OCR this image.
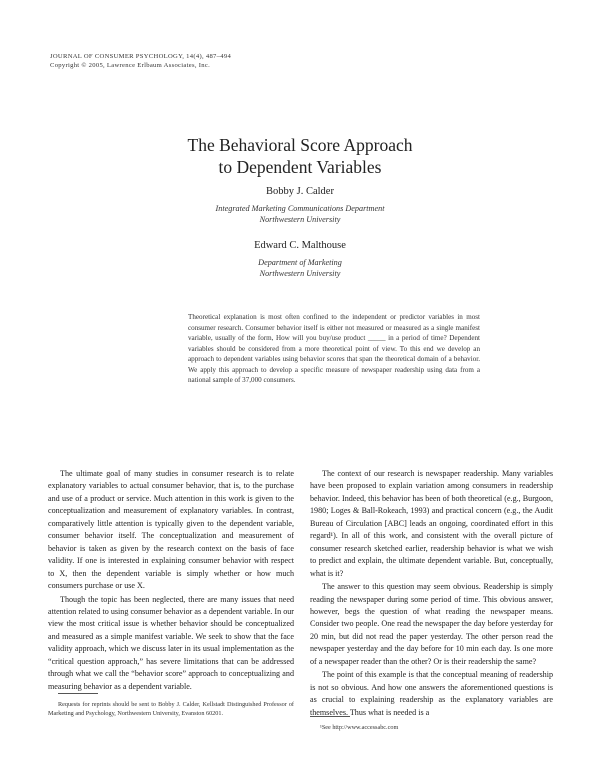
JOURNAL OF CONSUMER PSYCHOLOGY, 14(4), 487–494
Copyright © 2005, Lawrence Erlbaum Associates, Inc.
The Behavioral Score Approach
to Dependent Variables
Bobby J. Calder
Integrated Marketing Communications Department
Northwestern University
Edward C. Malthouse
Department of Marketing
Northwestern University
Theoretical explanation is most often confined to the independent or predictor variables in most consumer research. Consumer behavior itself is either not measured or measured as a single manifest variable, usually of the form, How will you buy/use product _____ in a period of time? Dependent variables should be considered from a more theoretical point of view. To this end we develop an approach to dependent variables using behavior scores that span the theoretical domain of a behavior. We apply this approach to develop a specific measure of newspaper readership using data from a national sample of 37,000 consumers.

The ultimate goal of many studies in consumer research is to relate explanatory variables to actual consumer behavior, that is, to the purchase and use of a product or service. Much attention in this work is given to the conceptualization and measurement of explanatory variables. In contrast, comparatively little attention is typically given to the dependent variable, consumer behavior itself. The conceptualization and measurement of behavior is taken as given by the research context on the basis of face validity. If one is interested in explaining consumer behavior with respect to X, then the dependent variable is simply whether or how much consumers purchase or use X.

Though the topic has been neglected, there are many issues that need attention related to using consumer behavior as a dependent variable. In our view the most critical issue is whether behavior should be conceptualized and measured as a simple manifest variable. We seek to show that the face validity approach, which we discuss later in its usual implementation as the “critical question approach,” has severe limitations that can be addressed through what we call the “behavior score” approach to conceptualizing and measuring behavior as a dependent variable.

The context of our research is newspaper readership. Many variables have been proposed to explain variation among consumers in readership behavior. Indeed, this behavior has been of both theoretical (e.g., Burgoon, 1980; Loges & Ball-Rokeach, 1993) and practical concern (e.g., the Audit Bureau of Circulation [ABC] leads an ongoing, coordinated effort in this regard¹). In all of this work, and consistent with the overall picture of consumer research sketched earlier, readership behavior is what we wish to predict and explain, the ultimate dependent variable. But, conceptually, what is it?

The answer to this question may seem obvious. Readership is simply reading the newspaper during some period of time. This obvious answer, however, begs the question of what reading the newspaper means. Consider two people. One read the newspaper the day before yesterday for 20 min, but did not read the paper yesterday. The other person read the newspaper yesterday and the day before for 10 min each day. Is one more of a newspaper reader than the other? Or is their readership the same?

The point of this example is that the conceptual meaning of readership is not so obvious. And how one answers the aforementioned questions is as crucial to explaining readership as the explanatory variables are themselves. Thus what is needed is a

Requests for reprints should be sent to Bobby J. Calder, Kellstadt Distinguished Professor of Marketing and Psychology, Northwestern University, Evanston 60201.

¹See http://www.accessabc.com
